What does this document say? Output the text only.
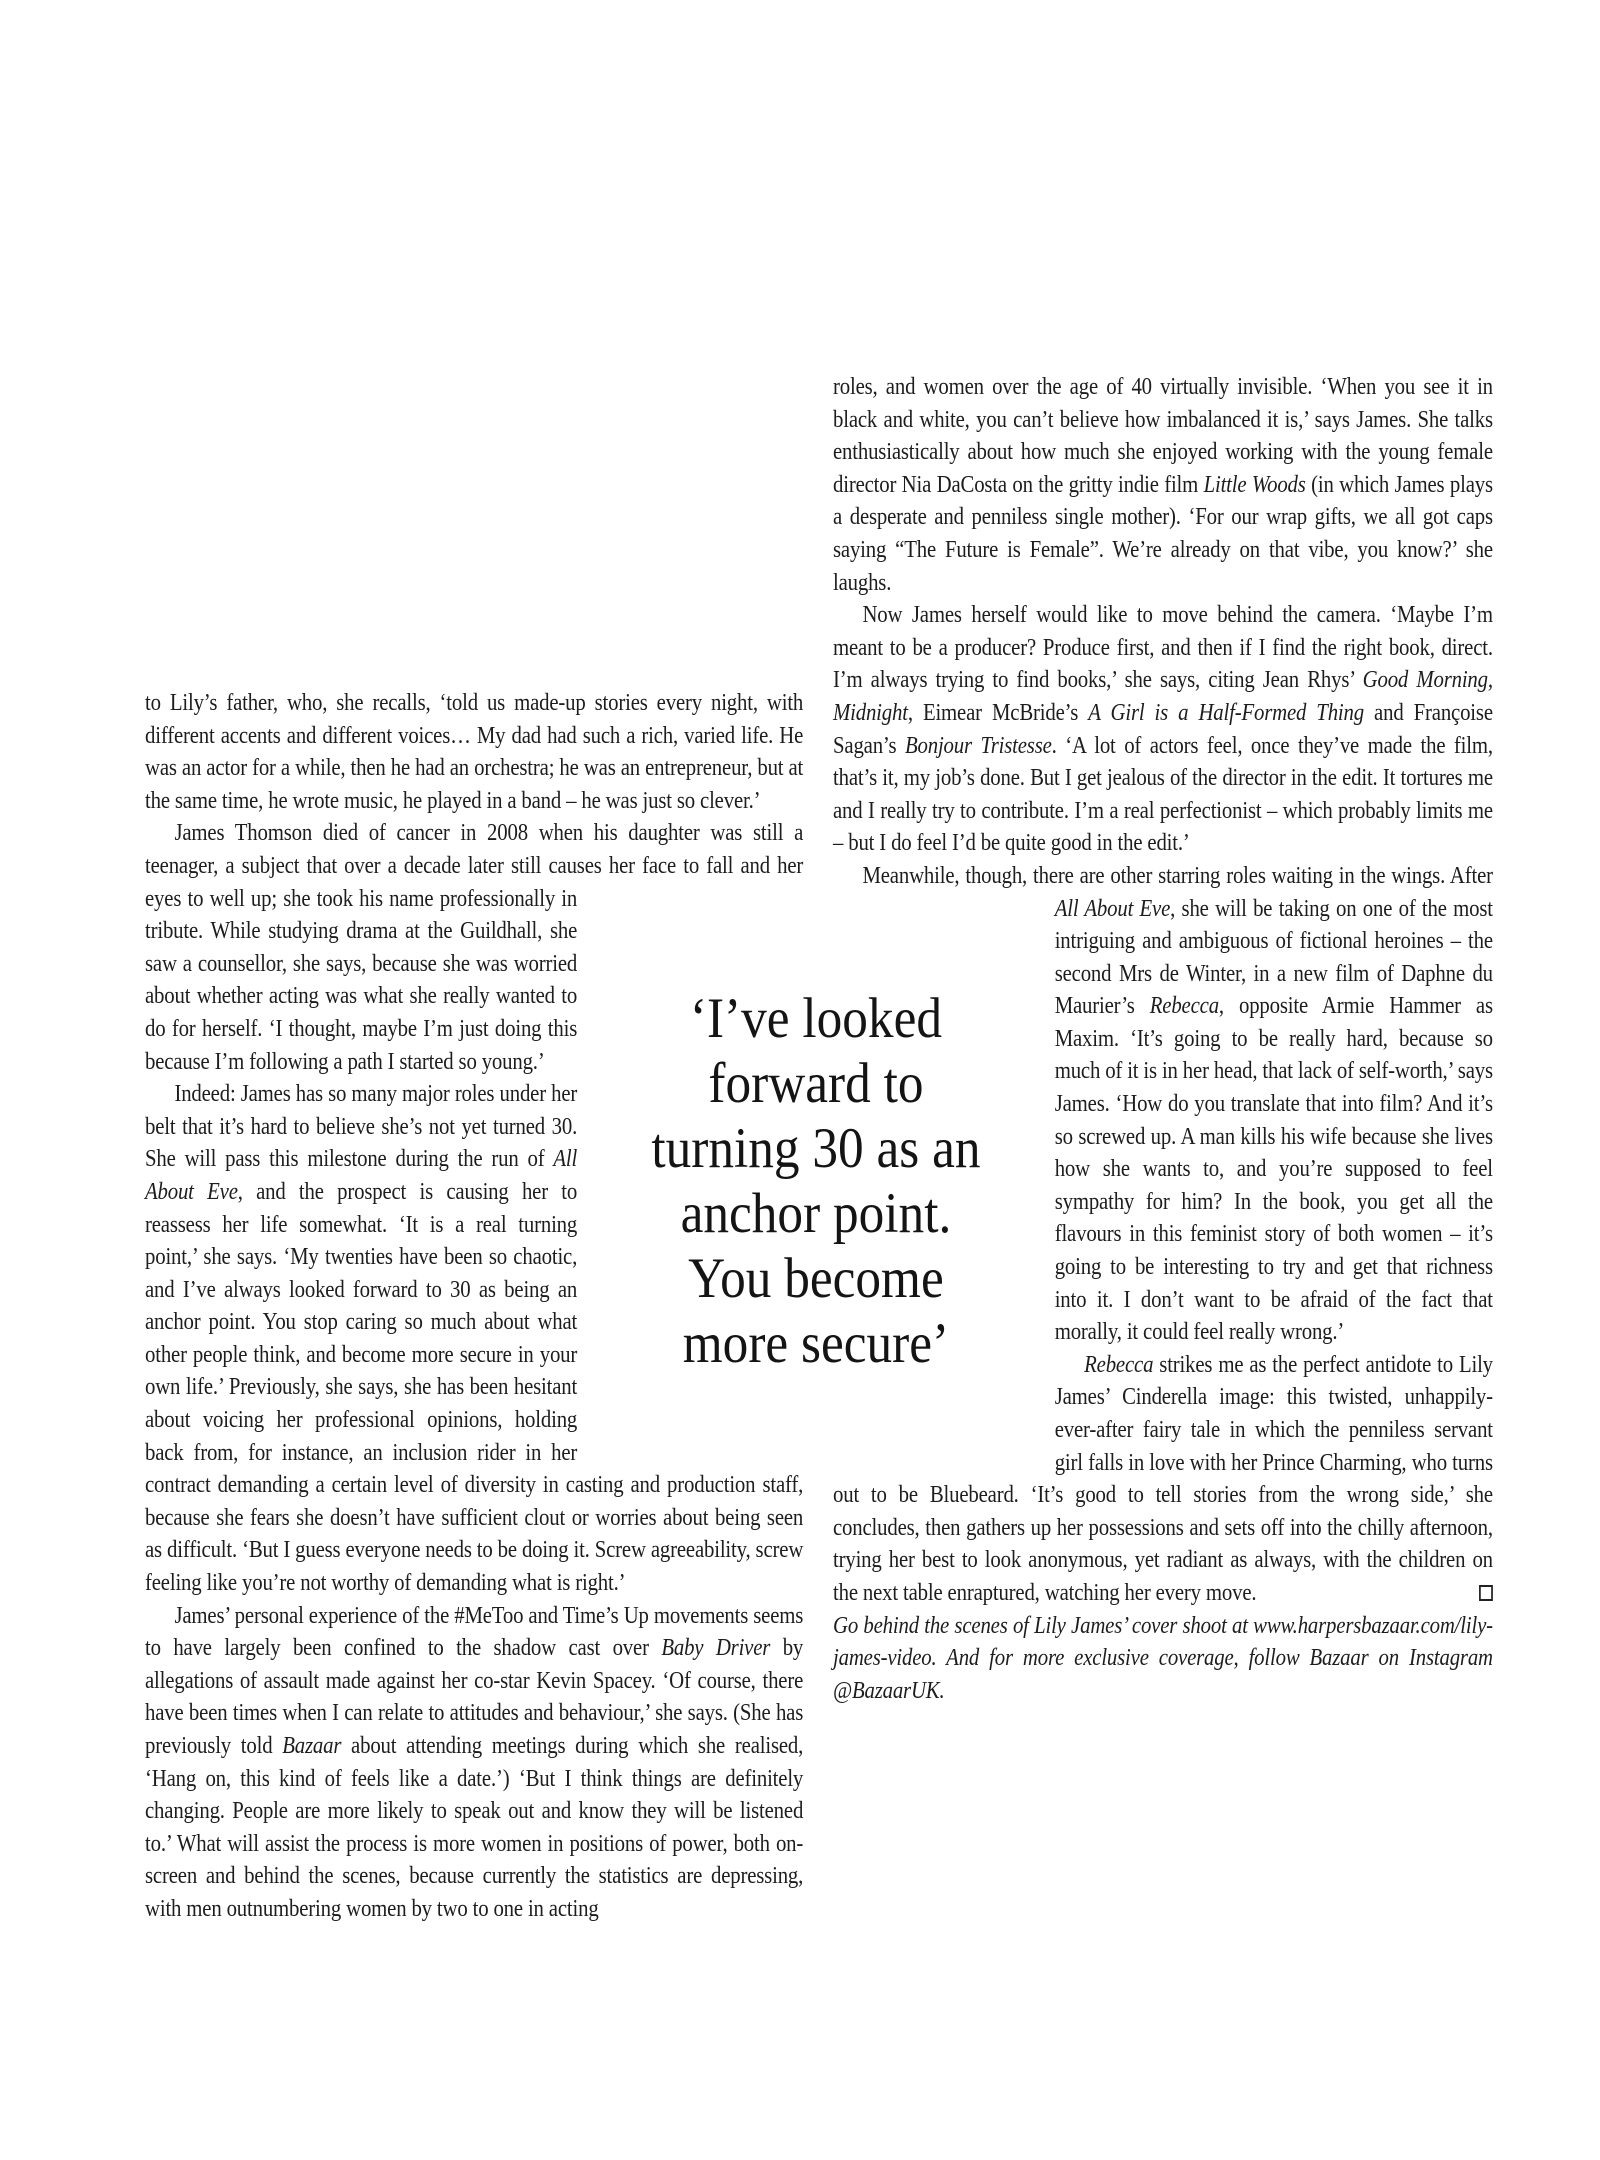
to Lily’s father, who, she recalls, ‘told us made-up stories every night, with different accents and different voices… My dad had such a rich, varied life. He was an actor for a while, then he had an orchestra; he was an entrepreneur, but at the same time, he wrote music, he played in a band – he was just so clever.’

James Thomson died of cancer in 2008 when his daughter was still a teenager, a subject that over a decade later still causes her face to fall and her eyes to well up; she took his name professionally in tribute. While studying drama at the Guildhall, she saw a counsellor, she says, because she was worried about whether acting was what she really wanted to do for herself. ‘I thought, maybe I’m just doing this because I’m following a path I started so young.’

Indeed: James has so many major roles under her belt that it’s hard to believe she’s not yet turned 30. She will pass this milestone during the run of All About Eve, and the prospect is causing her to reassess her life somewhat. ‘It is a real turning point,’ she says. ‘My twenties have been so chaotic, and I’ve always looked forward to 30 as being an anchor point. You stop caring so much about what other people think, and become more secure in your own life.’ Previously, she says, she has been hesitant about voicing her professional opinions, holding back from, for instance, an inclusion rider in her contract demanding a certain level of diversity in casting and production staff, because she fears she doesn’t have sufficient clout or worries about being seen as difficult. ‘But I guess everyone needs to be doing it. Screw agreeability, screw feeling like you’re not worthy of demanding what is right.’

James’ personal experience of the #MeToo and Time’s Up movements seems to have largely been confined to the shadow cast over Baby Driver by allegations of assault made against her co-star Kevin Spacey. ‘Of course, there have been times when I can relate to attitudes and behaviour,’ she says. (She has previously told Bazaar about attending meetings during which she realised, ‘Hang on, this kind of feels like a date.’) ‘But I think things are definitely changing. People are more likely to speak out and know they will be listened to.’ What will assist the process is more women in positions of power, both on-screen and behind the scenes, because currently the statistics are depressing, with men outnumbering women by two to one in acting

‘I’ve looked
forward to
turning 30 as an
anchor point.
You become
more secure’

roles, and women over the age of 40 virtually invisible. ‘When you see it in black and white, you can’t believe how imbalanced it is,’ says James. She talks enthusiastically about how much she enjoyed working with the young female director Nia DaCosta on the gritty indie film Little Woods (in which James plays a desperate and penniless single mother). ‘For our wrap gifts, we all got caps saying “The Future is Female”. We’re already on that vibe, you know?’ she laughs.

Now James herself would like to move behind the camera. ‘Maybe I’m meant to be a producer? Produce first, and then if I find the right book, direct. I’m always trying to find books,’ she says, citing Jean Rhys’ Good Morning, Midnight, Eimear McBride’s A Girl is a Half-Formed Thing and Françoise Sagan’s Bonjour Tristesse. ‘A lot of actors feel, once they’ve made the film, that’s it, my job’s done. But I get jealous of the director in the edit. It tortures me and I really try to contribute. I’m a real perfectionist – which probably limits me – but I do feel I’d be quite good in the edit.’

Meanwhile, though, there are other starring roles waiting in the wings. After All About Eve, she will be taking on one of the most intriguing and ambiguous of fictional heroines – the second Mrs de Winter, in a new film of Daphne du Maurier’s Rebecca, opposite Armie Hammer as Maxim. ‘It’s going to be really hard, because so much of it is in her head, that lack of self-worth,’ says James. ‘How do you translate that into film? And it’s so screwed up. A man kills his wife because she lives how she wants to, and you’re supposed to feel sympathy for him? In the book, you get all the flavours in this feminist story of both women – it’s going to be interesting to try and get that richness into it. I don’t want to be afraid of the fact that morally, it could feel really wrong.’

Rebecca strikes me as the perfect antidote to Lily James’ Cinderella image: this twisted, unhappily-ever-after fairy tale in which the penniless servant girl falls in love with her Prince Charming, who turns out to be Bluebeard. ‘It’s good to tell stories from the wrong side,’ she concludes, then gathers up her possessions and sets off into the chilly afternoon, trying her best to look anonymous, yet radiant as always, with the children on the next table enraptured, watching her every move.

Go behind the scenes of Lily James’ cover shoot at www.harpersbazaar.com/lily-james-video. And for more exclusive coverage, follow Bazaar on Instagram @BazaarUK.
